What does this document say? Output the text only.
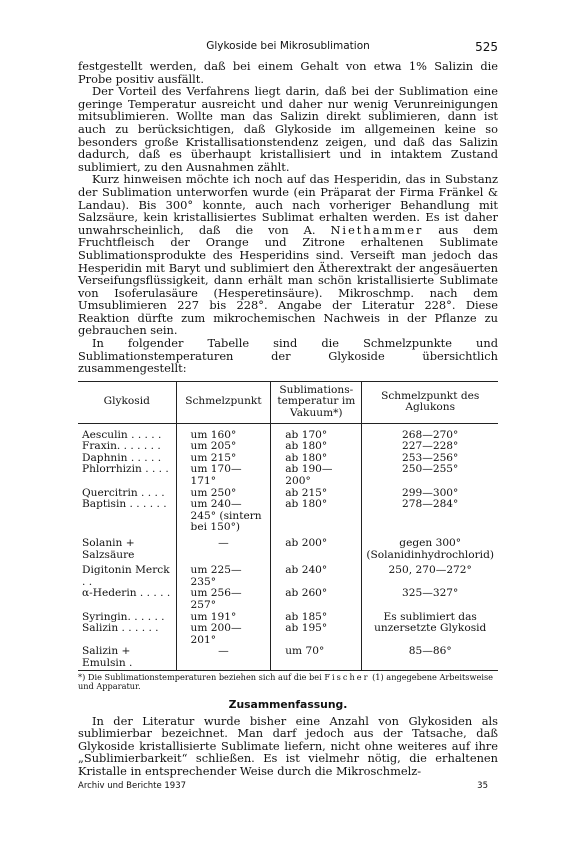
Glykoside bei Mikrosublimation	525

festgestellt werden, daß bei einem Gehalt von etwa 1% Salizin die Probe positiv ausfällt.

Der Vorteil des Verfahrens liegt darin, daß bei der Sublimation eine geringe Temperatur ausreicht und daher nur wenig Verunreinigungen mitsublimieren. Wollte man das Salizin direkt sublimieren, dann ist auch zu berücksichtigen, daß Glykoside im allgemeinen keine so besonders große Kristallisationstendenz zeigen, und daß das Salizin dadurch, daß es überhaupt kristallisiert und in intaktem Zustand sublimiert, zu den Ausnahmen zählt.

Kurz hinweisen möchte ich noch auf das Hesperidin, das in Substanz der Sublimation unterworfen wurde (ein Präparat der Firma Fränkel & Landau). Bis 300° konnte, auch nach vorheriger Behandlung mit Salzsäure, kein kristallisiertes Sublimat erhalten werden. Es ist daher unwahrscheinlich, daß die von A. Niethammer aus dem Fruchtfleisch der Orange und Zitrone erhaltenen Sublimate Sublimationsprodukte des Hesperidins sind. Verseift man jedoch das Hesperidin mit Baryt und sublimiert den Ätherextrakt der angesäuerten Verseifungsflüssigkeit, dann erhält man schön kristallisierte Sublimate von Isoferulasäure (Hesperetinsäure). Mikroschmp. nach dem Umsublimieren 227 bis 228°. Angabe der Literatur 228°. Diese Reaktion dürfte zum mikrochemischen Nachweis in der Pflanze zu gebrauchen sein.

In folgender Tabelle sind die Schmelzpunkte und Sublimationstemperaturen der Glykoside übersichtlich zusammengestellt:

Glykosid	Schmelzpunkt	Sublimations-temperatur im Vakuum*)	Schmelzpunkt des Aglukons
Aesculin . . . . .	um 160°	ab 170°	268—270°
Fraxin. . . . . . .	um 205°	ab 180°	227—228°
Daphnin . . . . .	um 215°	ab 180°	253—256°
Phlorrhizin . . . .	um 170—171°	ab 190—200°	250—255°
Quercitrin . . . .	um 250°	ab 215°	299—300°
Baptisin . . . . . .	um 240—245° (sintern bei 150°)	ab 180°	278—284°
Solanin + Salzsäure	—	ab 200°	gegen 300° (Solanidinhydrochlorid)
Digitonin Merck . .	um 225—235°	ab 240°	250, 270—272°
α-Hederin . . . . .	um 256—257°	ab 260°	325—327°
Syringin. . . . . .	um 191°	ab 185°	Es sublimiert das
Salizin . . . . . .	um 200—201°	ab 195°	unzersetzte Glykosid
Salizin + Emulsin .	—	um 70°	85—86°
*) Die Sublimationstemperaturen beziehen sich auf die bei Fischer (1) angegebene Arbeitsweise und Apparatur.
Zusammenfassung.

In der Literatur wurde bisher eine Anzahl von Glykosiden als sublimierbar bezeichnet. Man darf jedoch aus der Tatsache, daß Glykoside kristallisierte Sublimate liefern, nicht ohne weiteres auf ihre „Sublimierbarkeit“ schließen. Es ist vielmehr nötig, die erhaltenen Kristalle in entsprechender Weise durch die Mikroschmelz-

Archiv und Berichte 1937	35
